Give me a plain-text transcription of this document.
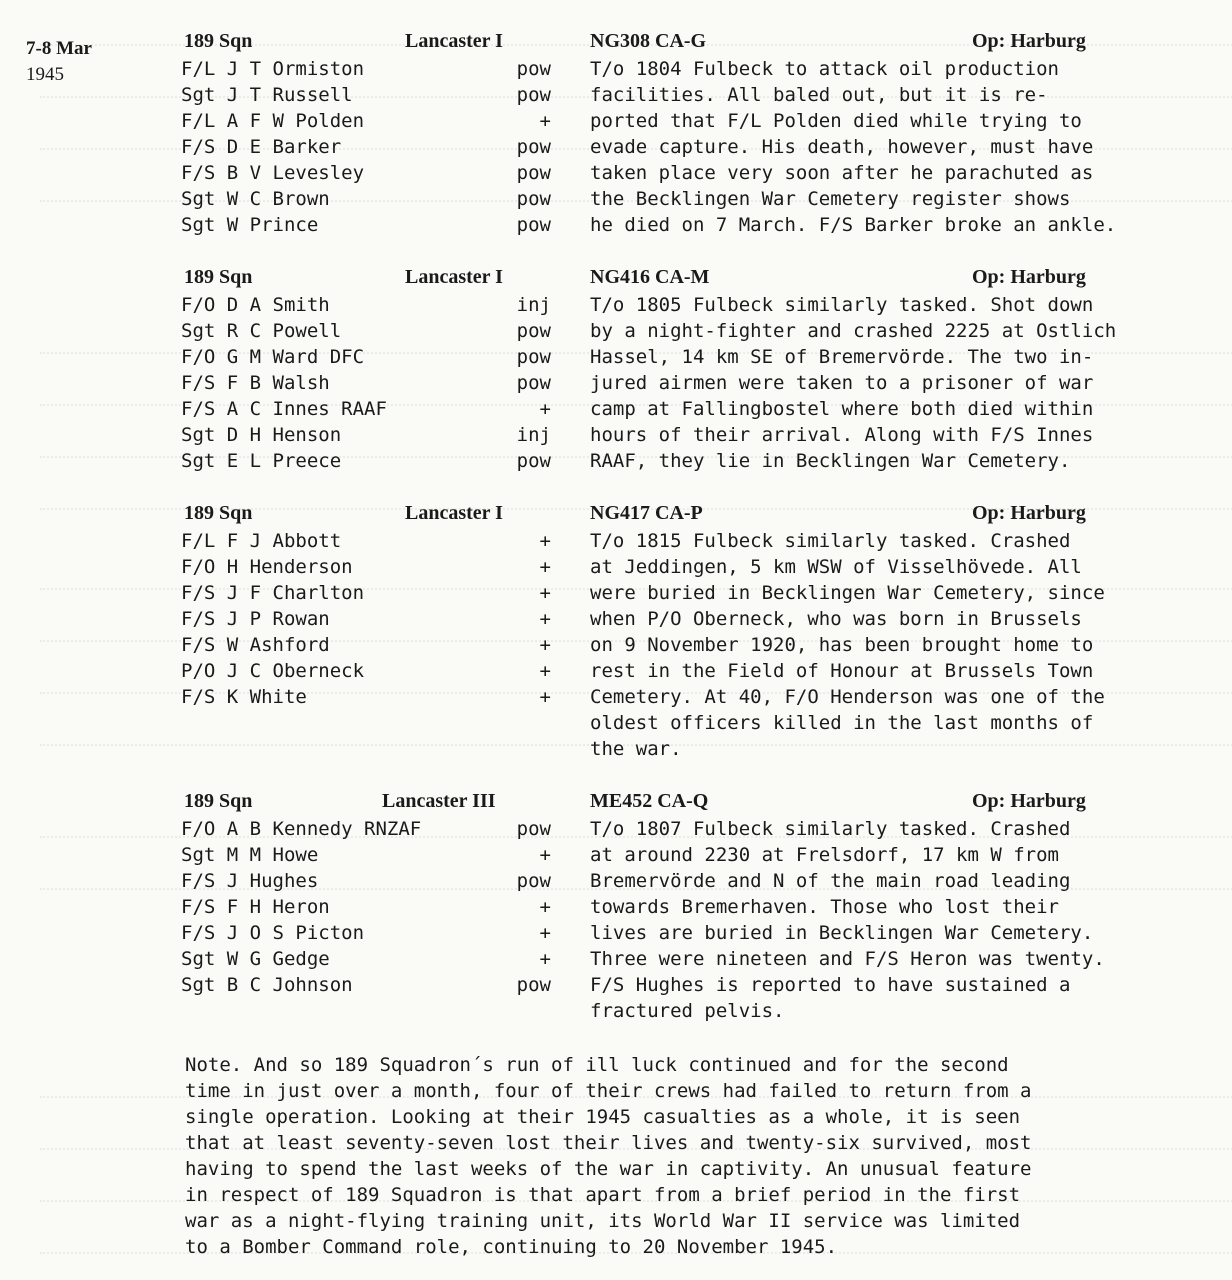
7-8 Mar
1945
189 Sqn	Lancaster I	NG308 CA-G	Op: Harburg
F/L J T Ormiston	pow
Sgt J T Russell	pow
F/L A F W Polden	+
F/S D E Barker	pow
F/S B V Levesley	pow
Sgt W C Brown	pow
Sgt W Prince	pow
T/o 1804 Fulbeck to attack oil production
facilities. All baled out, but it is re-
ported that F/L Polden died while trying to
evade capture. His death, however, must have
taken place very soon after he parachuted as
the Becklingen War Cemetery register shows
he died on 7 March. F/S Barker broke an ankle.
189 Sqn	Lancaster I	NG416 CA-M	Op: Harburg
F/O D A Smith	inj
Sgt R C Powell	pow
F/O G M Ward DFC	pow
F/S F B Walsh	pow
F/S A C Innes RAAF	+
Sgt D H Henson	inj
Sgt E L Preece	pow
T/o 1805 Fulbeck similarly tasked. Shot down
by a night-fighter and crashed 2225 at Ostlich
Hassel, 14 km SE of Bremervörde. The two in-
jured airmen were taken to a prisoner of war
camp at Fallingbostel where both died within
hours of their arrival. Along with F/S Innes
RAAF, they lie in Becklingen War Cemetery.
189 Sqn	Lancaster I	NG417 CA-P	Op: Harburg
F/L F J Abbott	+
F/O H Henderson	+
F/S J F Charlton	+
F/S J P Rowan	+
F/S W Ashford	+
P/O J C Oberneck	+
F/S K White	+
T/o 1815 Fulbeck similarly tasked. Crashed
at Jeddingen, 5 km WSW of Visselhövede. All
were buried in Becklingen War Cemetery, since
when P/O Oberneck, who was born in Brussels
on 9 November 1920, has been brought home to
rest in the Field of Honour at Brussels Town
Cemetery. At 40, F/O Henderson was one of the
oldest officers killed in the last months of
the war.
189 Sqn	Lancaster III	ME452 CA-Q	Op: Harburg
F/O A B Kennedy RNZAF	pow
Sgt M M Howe	+
F/S J Hughes	pow
F/S F H Heron	+
F/S J O S Picton	+
Sgt W G Gedge	+
Sgt B C Johnson	pow
T/o 1807 Fulbeck similarly tasked. Crashed
at around 2230 at Frelsdorf, 17 km W from
Bremervörde and N of the main road leading
towards Bremerhaven. Those who lost their
lives are buried in Becklingen War Cemetery.
Three were nineteen and F/S Heron was twenty.
F/S Hughes is reported to have sustained a
fractured pelvis.
Note. And so 189 Squadron´s run of ill luck continued and for the second
time in just over a month, four of their crews had failed to return from a
single operation. Looking at their 1945 casualties as a whole, it is seen
that at least seventy-seven lost their lives and twenty-six survived, most
having to spend the last weeks of the war in captivity. An unusual feature
in respect of 189 Squadron is that apart from a brief period in the first
war as a night-flying training unit, its World War II service was limited
to a Bomber Command role, continuing to 20 November 1945.
